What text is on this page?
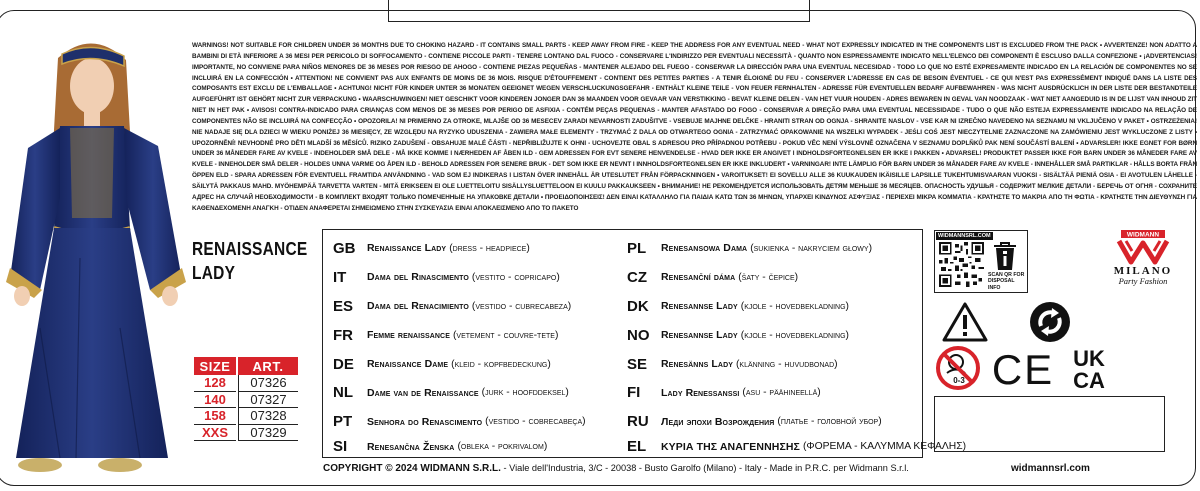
WARNINGS! NOT SUITABLE FOR CHILDREN UNDER 36 MONTHS DUE TO CHOKING HAZARD - IT CONTAINS SMALL PARTS - KEEP AWAY FROM FIRE - KEEP THE ADDRESS FOR ANY EVENTUAL NEED - WHAT NOT EXPRESSLY INDICATED IN THE COMPONENTS LIST IS EXCLUDED FROM THE PACK • AVVERTENZE! NON ADATTO A BAMBINI DI ETÀ INFERIORE A 36 MESI PER PERICOLO DI SOFFOCAMENTO - CONTIENE PICCOLE PARTI - TENERE LONTANO DAL FUOCO - CONSERVARE L'INDIRIZZO PER EVENTUALI NECESSITÀ - QUANTO NON ESPRESSAMENTE INDICATO NELL'ELENCO DEI COMPONENTI È ESCLUSO DALLA CONFEZIONE • ¡ADVERTENCIAS! IMPORTANTE, NO CONVIENE PARA NIÑOS MENORES DE 36 MESES POR RIESGO DE AHOGO - CONTIENE PIEZAS PEQUEÑAS - MANTENER ALEJADO DEL FUEGO - CONSERVAR LA DIRECCIÓN PARA UNA EVENTUAL NECESIDAD - TODO LO QUE NO ESTÉ EXPRESAMENTE INDICADO EN LA RELACIÓN DE COMPONENTES NO SE INCLUIRÁ EN LA CONFECCIÓN • ATTENTION! NE CONVIENT PAS AUX ENFANTS DE MOINS DE 36 MOIS. RISQUE D'ÉTOUFFEMENT - CONTIENT DES PETITES PARTIES - A TENIR ÉLOIGNÉ DU FEU - CONSERVER L'ADRESSE EN CAS DE BESOIN ÉVENTUEL - CE QUI N'EST PAS EXPRESSÉMENT INDIQUÉ DANS LA LISTE DES COMPOSANTS EST EXCLU DE L'EMBALLAGE • ACHTUNG! NICHT FÜR KINDER UNTER 36 MONATEN GEEIGNET WEGEN VERSCHLUCKUNGSGEFAHR - ENTHÄLT KLEINE TEILE - VON FEUER FERNHALTEN - ADRESSE FÜR EVENTUELLEN BEDARF AUFBEWAHREN - WAS NICHT AUSDRÜCKLICH IN DER LISTE DER BESTANDTEILE AUFGEFÜHRT IST GEHÖRT NICHT ZUR VERPACKUNG • WAARSCHUWINGEN! NIET GESCHIKT VOOR KINDEREN JONGER DAN 36 MAANDEN VOOR GEVAAR VAN VERSTIKKING - BEVAT KLEINE DELEN - VAN HET VUUR HOUDEN - ADRES BEWAREN IN GEVAL VAN NOODZAAK - WAT NIET AANGEDUID IS IN DE LIJST VAN INHOUD ZIT NIET IN HET PAK • AVISOS! CONTRA-INDICADO PARA CRIANÇAS COM MENOS DE 36 MESES POR PERIGO DE ASFIXIA - CONTÉM PEÇAS PEQUENAS - MANTER AFASTADO DO FOGO - CONSERVAR A DIREÇÃO PARA UMA EVENTUAL NECESSIDADE - TUDO O QUE NÃO ESTEJA EXPRESSAMENTE INDICADO NA RELAÇÃO DE COMPONENTES NÃO SE INCLUIRÁ NA CONFECÇÃO • OPOZORILA! NI PRIMERNO ZA OTROKE, MLAJŠE OD 36 MESECEV ZARADI NEVARNOSTI ZADUŠITVE - VSEBUJE MAJHNE DELČKE - HRANITI STRAN OD OGNJA - SHRANITE NASLOV - VSE KAR NI IZREČNO NAVEDENO NA SEZNAMU NI VKLJUČENO V PAKET • OSTRZEŻENIA! NIE NADAJE SIĘ DLA DZIECI W WIEKU PONIŻEJ 36 MIESIĘCY, ZE WZGLĘDU NA RYZYKO UDUSZENIA - ZAWIERA MAŁE ELEMENTY - TRZYMAĆ Z DALA OD OTWARTEGO OGNIA - ZATRZYMAĆ OPAKOWANIE NA WSZELKI WYPADEK - JEŚLI COŚ JEST NIECZYTELNIE ZAZNACZONE NA ZAMÓWIENIU JEST WYKLUCZONE Z LISTY • UPOZORNĚNÍ! NEVHODNÉ PRO DĚTI MLADŠÍ 36 MĚSÍCŮ. RIZIKO ZADUŠENÍ - OBSAHUJE MALÉ ČÁSTI - NEPŘIBLIŽUJTE K OHNI - UCHOVEJTE OBAL S ADRESOU PRO PŘÍPADNOU POTŘEBU - POKUD VĚC NENÍ VÝSLOVNĚ OZNAČENA V SEZNAMU DOPLŇKŮ PAK NENÍ SOUČÁSTÍ BALENÍ • ADVARSLER! IKKE EGNET FOR BØRN UNDER 36 MÅNEDER FARE AV KVELE - INDEHOLDER SMÅ DELE - MÅ IKKE KOMME I NÆRHEDEN AF ÅBEN ILD - GEM ADRESSEN FOR EVT SENERE HENVENDELSE - HVAD DER IKKE ER ANGIVET I INDHOLDSFORTEGNELSEN ER IKKE I PAKKEN • ADVARSEL! PRODUKTET PASSER IKKE FOR BARN UNDER 36 MÅNEDER FARE AV KVELE - INNEHOLDER SMÅ DELER - HOLDES UNNA VARME OG ÅPEN ILD - BEHOLD ADRESSEN FOR SENERE BRUK - DET SOM IKKE ER NEVNT I INNHOLDSFORTEGNELSEN ER IKKE INKLUDERT • VARNINGAR! INTE LÄMPLIG FÖR BARN UNDER 36 MÅNADER FARE AV KVELE - INNEHÅLLER SMÅ PARTIKLAR - HÅLLS BORTA FRÅN ÖPPEN ELD - SPARA ADRESSEN FÖR EVENTUELL FRAMTIDA ANVÄNDNING - VAD SOM EJ INDIKERAS I LISTAN ÖVER INNEHÅLL ÄR UTESLUTET FRÅN FÖRPACKNINGEN • VAROITUKSET! EI SOVELLU ALLE 36 KUUKAUDEN IKÄISILLE LAPSILLE TUKEHTUMISVAARAN VUOKSI - SISÄLTÄÄ PIENIÄ OSIA - EI AVOTULEN LÄHELLE - SÄILYTÄ PAKKAUS MAHD. MYÖHEMPÄÄ TARVETTA VARTEN - MITÄ ERIKSEEN EI OLE LUETTELOITU SISÄLLYSLUETTELOON EI KUULU PAKKAUKSEEN • ВНИМАНИЕ! НЕ РЕКОМЕНДУЕТСЯ ИСПОЛЬЗОВАТЬ ДЕТЯМ МЕНЬШЕ 36 МЕСЯЦЕВ. ОПАСНОСТЬ УДУШЬЯ - СОДЕРЖИТ МЕЛКИЕ ДЕТАЛИ - БЕРЕЧЬ ОТ ОГНЯ - СОХРАНИТЕ АДРЕС НА СЛУЧАЙ НЕОБХОДИМОСТИ - В КОМПЛЕКТ ВХОДЯТ ТОЛЬКО ПОМЕЧЕННЫЕ НА УПАКОВКЕ ДЕТАЛИ • ΠΡΟΕΙΔΟΠΟΙΗΣΕΙΣ! ΔΕΝ ΕΙΝΑΙ ΚΑΤΑΛΛΗΛΟ ΓΙΑ ΠΑΙΔΙΑ ΚΑΤΩ ΤΩΝ 36 ΜΗΝΩΝ, ΥΠΑΡΧΕΙ ΚΙΝΔΥΝΟΣ ΑΣΦΥΞΙΑΣ - ΠΕΡΙΕΧΕΙ ΜΙΚΡΑ ΚΟΜΜΑΤΙΑ - ΚΡΑΤΗΣΤΕ ΤΟ ΜΑΚΡΙΑ ΑΠΟ ΤΗ ΦΩΤΙΑ - ΚΡΑΤΗΣΤΕ ΤΗΝ ΔΙΕΥΘΥΝΣΗ ΓΙΑ ΚΑΘΕΝΔΕΧΟΜΕΝΗ ΑΝΑΓΚΗ - ΟΤΙΔΕΝ ΑΝΑΦΕΡΕΤΑΙ ΣΗΜΕΙΩΜΕΝΟ ΣΤΗΝ ΣΥΣΚΕΥΑΣΙΑ ΕΙΝΑΙ ΑΠΟΚΛΕΙΣΜΕΝΟ ΑΠΟ ΤΟ ΠΑΚΕΤΟ
RENAISSANCE
LADY
SIZE	ART.
128	07326
140	07327
158	07328
XXS	07329
GB	Renaissance Lady (dress - headpiece)	PL	Renesansowa Dama (sukienka - nakryciem głowy)
IT	Dama del Rinascimento (vestito - copricapo)	CZ	Renesanční dáma (šaty - čepice)
ES	Dama del Renacimiento (vestido - cubrecabeza)	DK	Renesannse Lady (kjole - hovedbekladning)
FR	Femme renaissance (vetement - couvre-tete)	NO	Renesannse Lady (kjole - hovedbekladning)
DE	Renaissance Dame (kleid - kopfbedeckung)	SE	Renesänns Lady (klänning - huvudbonad)
NL	Dame van de Renaissance (jurk - hoofddeksel)	FI	Lady Renessanssi (asu - päähineellä)
PT	Senhora do Renascimento (vestido - cobrecabeça)	RU	Леди эпохи Возрождения (платье - головной убор)
SI	Renesančna Ženska (obleka - pokrivalom)	EL	ΚΥΡΙΑ ΤΗΣ ΑΝΑΓΕΝΝΗΣΗΣ (ΦΟΡΕΜΑ - ΚΑΛΥΜΜΑ ΚΕΦΑΛΗΣ)
COPYRIGHT © 2024 WIDMANN S.R.L. - Viale dell'Industria, 3/C - 20038 - Busto Garolfo (Milano) - Italy - Made in P.R.C. per Widmann S.r.l.	widmannsrl.com
WIDMANNSRL.COM
SCAN QR FOR
DISPOSAL INFO
WIDMANN
MILANO
Party Fashion
0-3 CE UK
CA
